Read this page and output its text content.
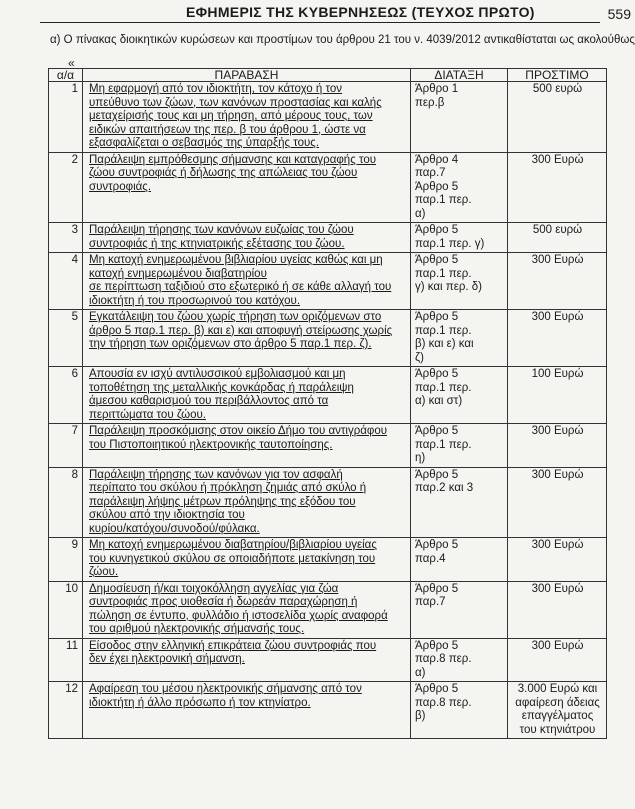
ΕΦΗΜΕΡΙΣ ΤΗΣ ΚΥΒΕΡΝΗΣΕΩΣ (ΤΕΥΧΟΣ ΠΡΩΤΟ)	559
α) Ο πίνακας διοικητικών κυρώσεων και προστίμων του άρθρου 21 του ν. 4039/2012 αντικαθίσταται ως ακολούθως
«
α/α	ΠΑΡΑΒΑΣΗ	ΔΙΑΤΑΞΗ	ΠΡΟΣΤΙΜΟ

1	Μη εφαρμογή από τον ιδιοκτήτη, τον κάτοχο ή τον
υπεύθυνο των ζώων, των κανόνων προστασίας και καλής
μεταχείρισής τους και μη τήρηση, από μέρους τους, των
ειδικών απαιτήσεων της περ. β του άρθρου 1, ώστε να
εξασφαλίζεται ο σεβασμός της ύπαρξής τους.	Άρθρο 1
περ.β	500 ευρώ

2	Παράλειψη εμπρόθεσμης σήμανσης και καταγραφής του
ζώου συντροφιάς ή δήλωσης της απώλειας του ζώου
συντροφιάς.	Άρθρο 4
παρ.7
Άρθρο 5
παρ.1 περ.
α)	300 Ευρώ

3	Παράλειψη τήρησης των κανόνων ευζωίας του ζώου
συντροφιάς ή της κτηνιατρικής εξέτασης του ζώου.	Άρθρο 5
παρ.1 περ. γ)	500 ευρώ

4	Μη κατοχή ενημερωμένου βιβλιαρίου υγείας καθώς και μη
κατοχή ενημερωμένου διαβατηρίου
σε περίπτωση ταξιδιού στο εξωτερικό ή σε κάθε αλλαγή του
ιδιοκτήτη ή του προσωρινού του κατόχου.	Άρθρο 5
παρ.1 περ.
γ) και περ. δ)	300 Ευρώ

5	Εγκατάλειψη του ζώου χωρίς τήρηση των οριζόμενων στο
άρθρο 5 παρ.1 περ. β) και ε) και αποφυγή στείρωσης χωρίς
την τήρηση των οριζόμενων στο άρθρο 5 παρ.1 περ. ζ).	Άρθρο 5
παρ.1 περ.
β) και ε) και
ζ)	300 Ευρώ

6	Απουσία εν ισχύ αντιλυσσικού εμβολιασμού και μη
τοποθέτηση της μεταλλικής κονκάρδας ή παράλειψη
άμεσου καθαρισμού του περιβάλλοντος από τα
περιττώματα του ζώου.	Άρθρο 5
παρ.1 περ.
α) και στ)	100 Ευρώ

7	Παράλειψη προσκόμισης στον οικείο Δήμο του αντιγράφου
του Πιστοποιητικού ηλεκτρονικής ταυτοποίησης.	Άρθρο 5
παρ.1 περ.
η)	300 Ευρώ

8	Παράλειψη τήρησης των κανόνων για τον ασφαλή
περίπατο του σκύλου ή πρόκληση ζημιάς από σκύλο ή
παράλειψη λήψης μέτρων πρόληψης της εξόδου του
σκύλου από την ιδιοκτησία του
κυρίου/κατόχου/συνοδού/φύλακα.	Άρθρο 5
παρ.2 και 3	300 Ευρώ

9	Μη κατοχή ενημερωμένου διαβατηρίου/βιβλιαρίου υγείας
του κυνηγετικού σκύλου σε οποιαδήποτε μετακίνηση του
ζώου.	Άρθρο 5
παρ.4	300 Ευρώ

10	Δημοσίευση ή/και τοιχοκόλληση αγγελίας για ζώα
συντροφιάς προς υιοθεσία ή δωρεάν παραχώρηση ή
πώληση σε έντυπο, φυλλάδιο ή ιστοσελίδα χωρίς αναφορά
του αριθμού ηλεκτρονικής σήμανσής τους.	Άρθρο 5
παρ.7	300 Ευρώ

11	Είσοδος στην ελληνική επικράτεια ζώου συντροφιάς που
δεν έχει ηλεκτρονική σήμανση.	Άρθρο 5
παρ.8 περ.
α)	300 Ευρώ

12	Αφαίρεση του μέσου ηλεκτρονικής σήμανσης από τον
ιδιοκτήτη ή άλλο πρόσωπο ή τον κτηνίατρο.	Άρθρο 5
παρ.8 περ.
β)	3.000 Ευρώ και
αφαίρεση άδειας
επαγγέλματος
του κτηνιάτρου
